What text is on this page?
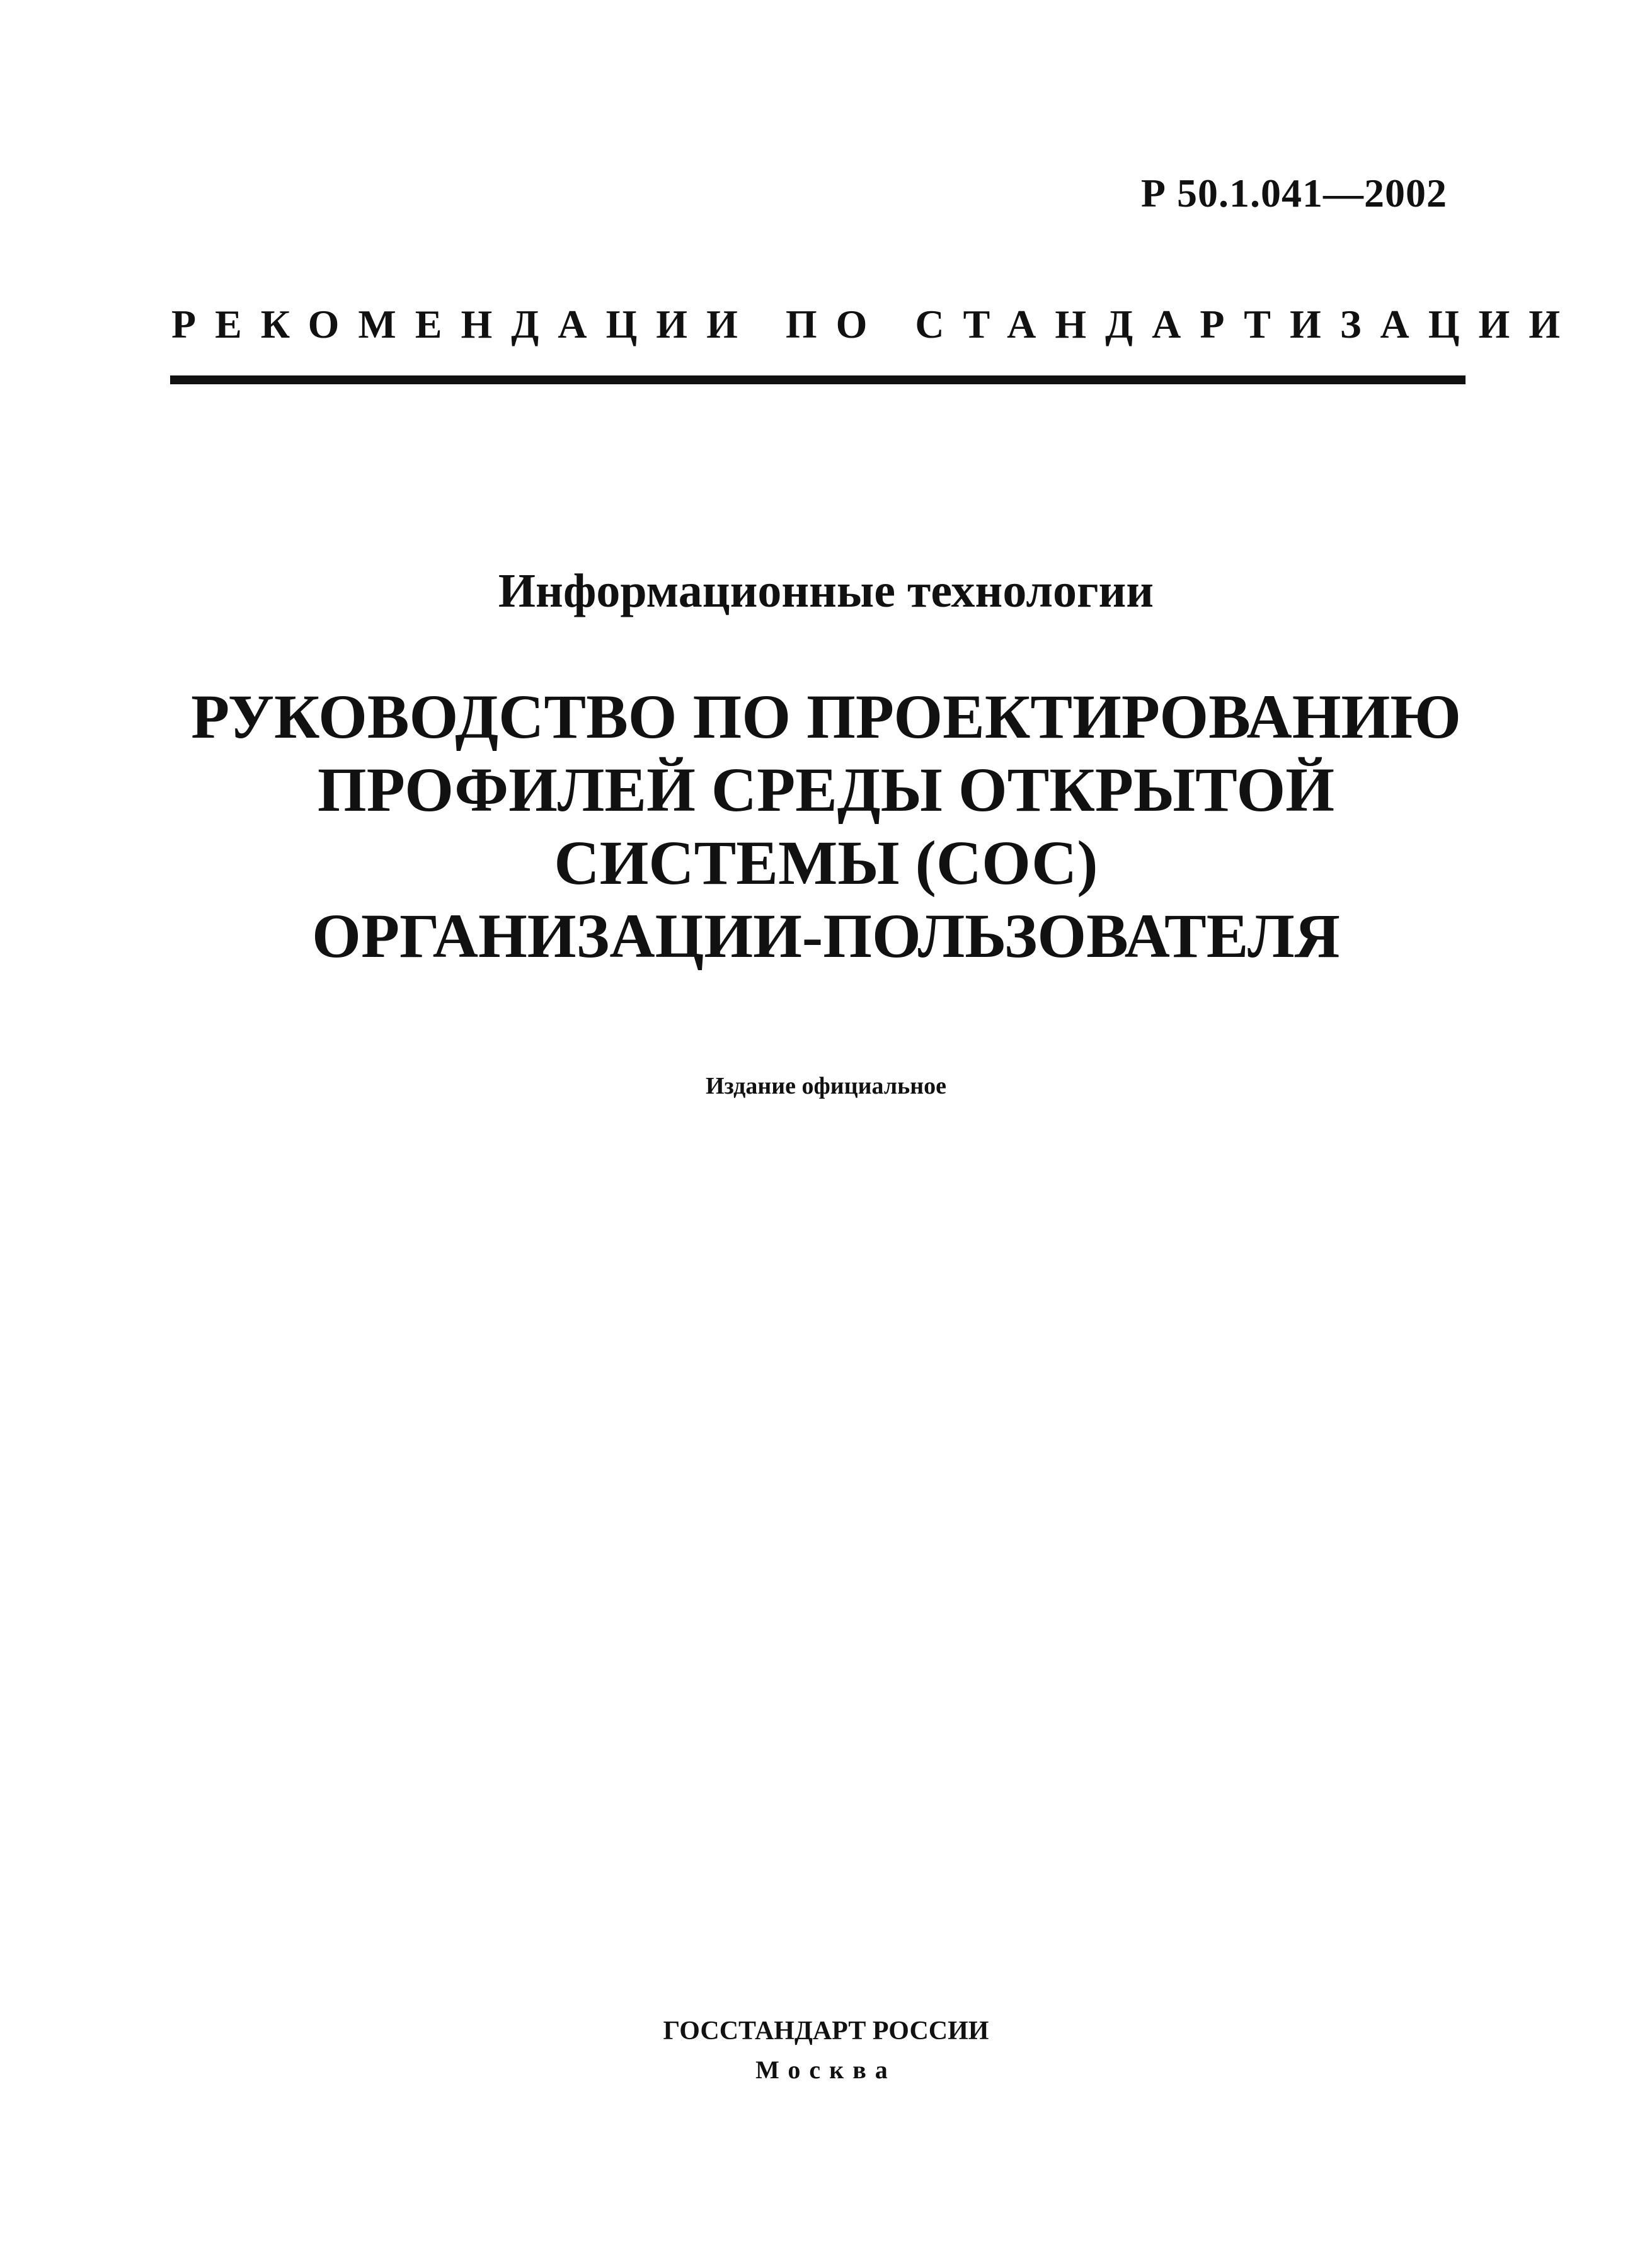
Р 50.1.041—2002
РЕКОМЕНДАЦИИ ПО СТАНДАРТИЗАЦИИ
Информационные технологии
РУКОВОДСТВО ПО ПРОЕКТИРОВАНИЮ
ПРОФИЛЕЙ СРЕДЫ ОТКРЫТОЙ
СИСТЕМЫ (СОС)
ОРГАНИЗАЦИИ-ПОЛЬЗОВАТЕЛЯ
Издание официальное
ГОССТАНДАРТ РОССИИ
Москва
